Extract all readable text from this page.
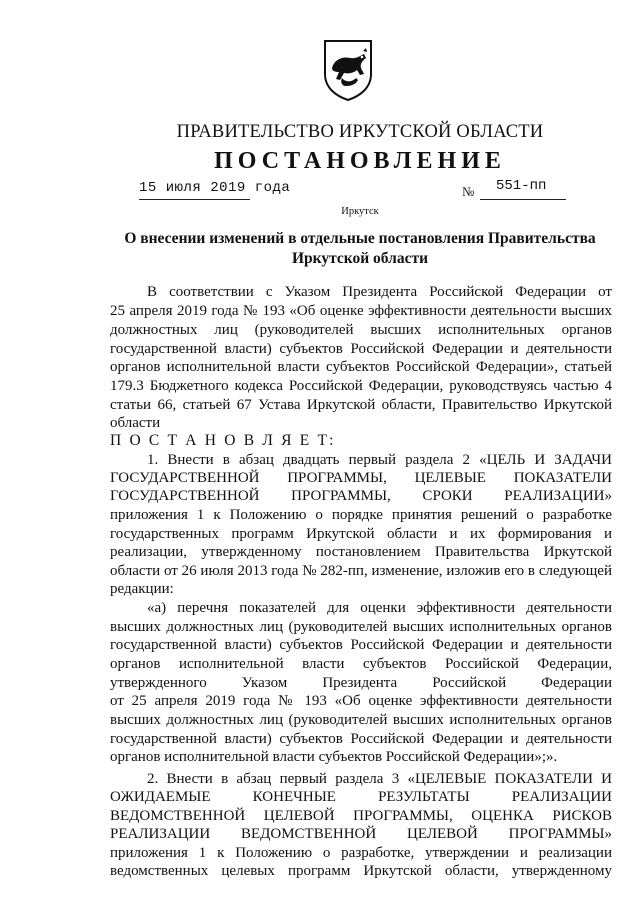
ПРАВИТЕЛЬСТВО ИРКУТСКОЙ ОБЛАСТИ
ПОСТАНОВЛЕНИЕ
15 июля 2019 года	№ 551-пп
Иркутск
О внесении изменений в отдельные постановления Правительства
Иркутской области
В соответствии с Указом Президента Российской Федерации от
25 апреля 2019 года № 193 «Об оценке эффективности деятельности высших
должностных лиц (руководителей высших исполнительных органов
государственной власти) субъектов Российской Федерации и деятельности
органов исполнительной власти субъектов Российской Федерации», статьей
179.3 Бюджетного кодекса Российской Федерации, руководствуясь частью 4
статьи 66, статьей 67 Устава Иркутской области, Правительство Иркутской
области
П О С Т А Н О В Л Я Е Т:
1. Внести в абзац двадцать первый раздела 2 «ЦЕЛЬ И ЗАДАЧИ
ГОСУДАРСТВЕННОЙ ПРОГРАММЫ, ЦЕЛЕВЫЕ ПОКАЗАТЕЛИ
ГОСУДАРСТВЕННОЙ ПРОГРАММЫ, СРОКИ РЕАЛИЗАЦИИ»
приложения 1 к Положению о порядке принятия решений о разработке
государственных программ Иркутской области и их формирования и
реализации, утвержденному постановлением Правительства Иркутской
области от 26 июля 2013 года № 282-пп, изменение, изложив его в следующей
редакции:
«а) перечня показателей для оценки эффективности деятельности
высших должностных лиц (руководителей высших исполнительных органов
государственной власти) субъектов Российской Федерации и деятельности
органов исполнительной власти субъектов Российской Федерации,
утвержденного Указом Президента Российской Федерации
от 25 апреля 2019 года № 193 «Об оценке эффективности деятельности
высших должностных лиц (руководителей высших исполнительных органов
государственной власти) субъектов Российской Федерации и деятельности
органов исполнительной власти субъектов Российской Федерации»;».
2. Внести в абзац первый раздела 3 «ЦЕЛЕВЫЕ ПОКАЗАТЕЛИ И
ОЖИДАЕМЫЕ КОНЕЧНЫЕ РЕЗУЛЬТАТЫ РЕАЛИЗАЦИИ
ВЕДОМСТВЕННОЙ ЦЕЛЕВОЙ ПРОГРАММЫ, ОЦЕНКА РИСКОВ
РЕАЛИЗАЦИИ ВЕДОМСТВЕННОЙ ЦЕЛЕВОЙ ПРОГРАММЫ»
приложения 1 к Положению о разработке, утверждении и реализации
ведомственных целевых программ Иркутской области, утвержденному
